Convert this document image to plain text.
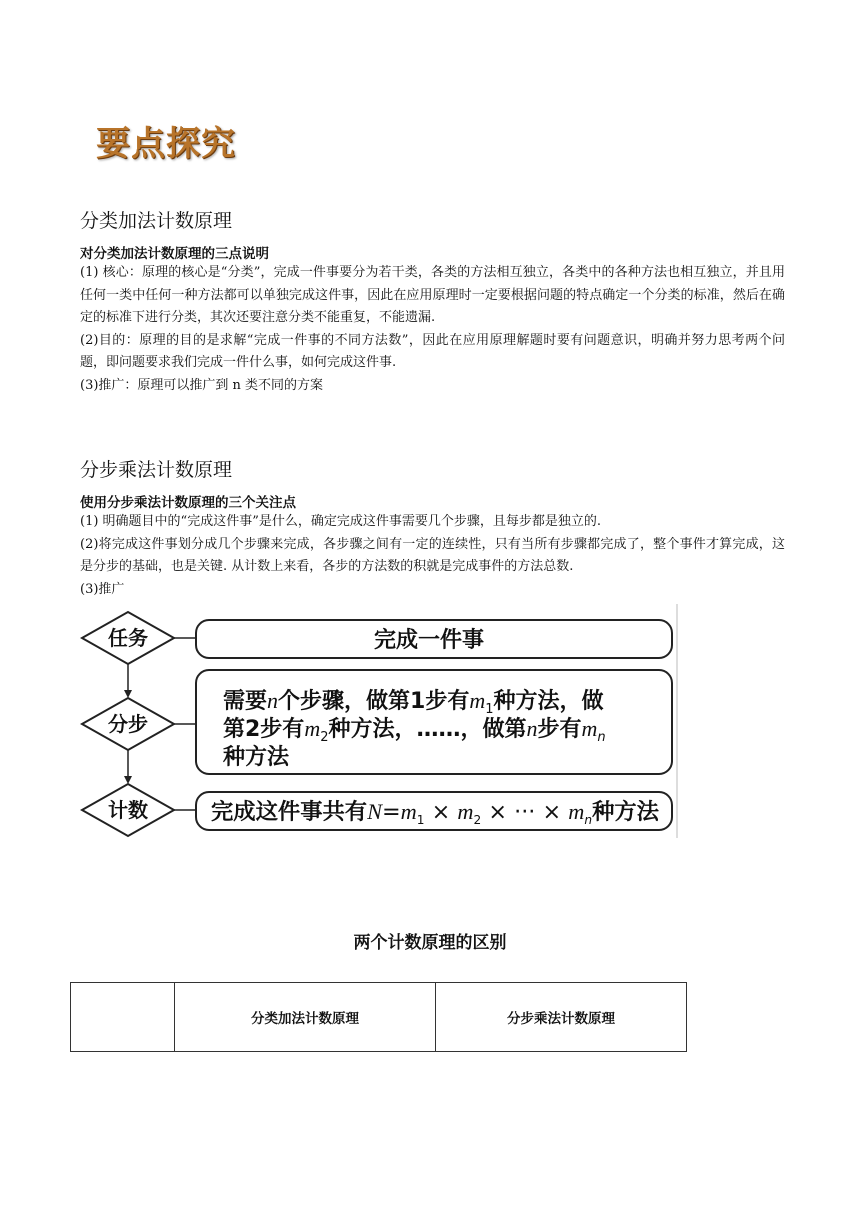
要点探究
分类加法计数原理
对分类加法计数原理的三点说明

(1) 核心：原理的核心是“分类”，完成一件事要分为若干类，各类的方法相互独立，各类中的各种方法也相互独立，并且用任何一类中任何一种方法都可以单独完成这件事，因此在应用原理时一定要根据问题的特点确定一个分类的标准，然后在确定的标准下进行分类，其次还要注意分类不能重复，不能遗漏.

(2)目的：原理的目的是求解“完成一件事的不同方法数”，因此在应用原理解题时要有问题意识，明确并努力思考两个问题，即问题要求我们完成一件什么事，如何完成这件事.

(3)推广：原理可以推广到 n 类不同的方案

分步乘法计数原理
使用分步乘法计数原理的三个关注点

(1) 明确题目中的“完成这件事”是什么，确定完成这件事需要几个步骤，且每步都是独立的.

(2)将完成这件事划分成几个步骤来完成，各步骤之间有一定的连续性，只有当所有步骤都完成了，整个事件才算完成，这是分步的基础，也是关键. 从计数上来看，各步的方法数的积就是完成事件的方法总数.

(3)推广

任务
分步
计数
完成一件事
需要n个步骤，做第1步有$m_1$种方法，做
第2步有$m_2$种方法，……，做第n步有$m_n$
种方法
完成这件事共有$N=m_1 \times m_2$ × ··· × $m_n$种方法
两个计数原理的区别
	分类加法计数原理	分步乘法计数原理
